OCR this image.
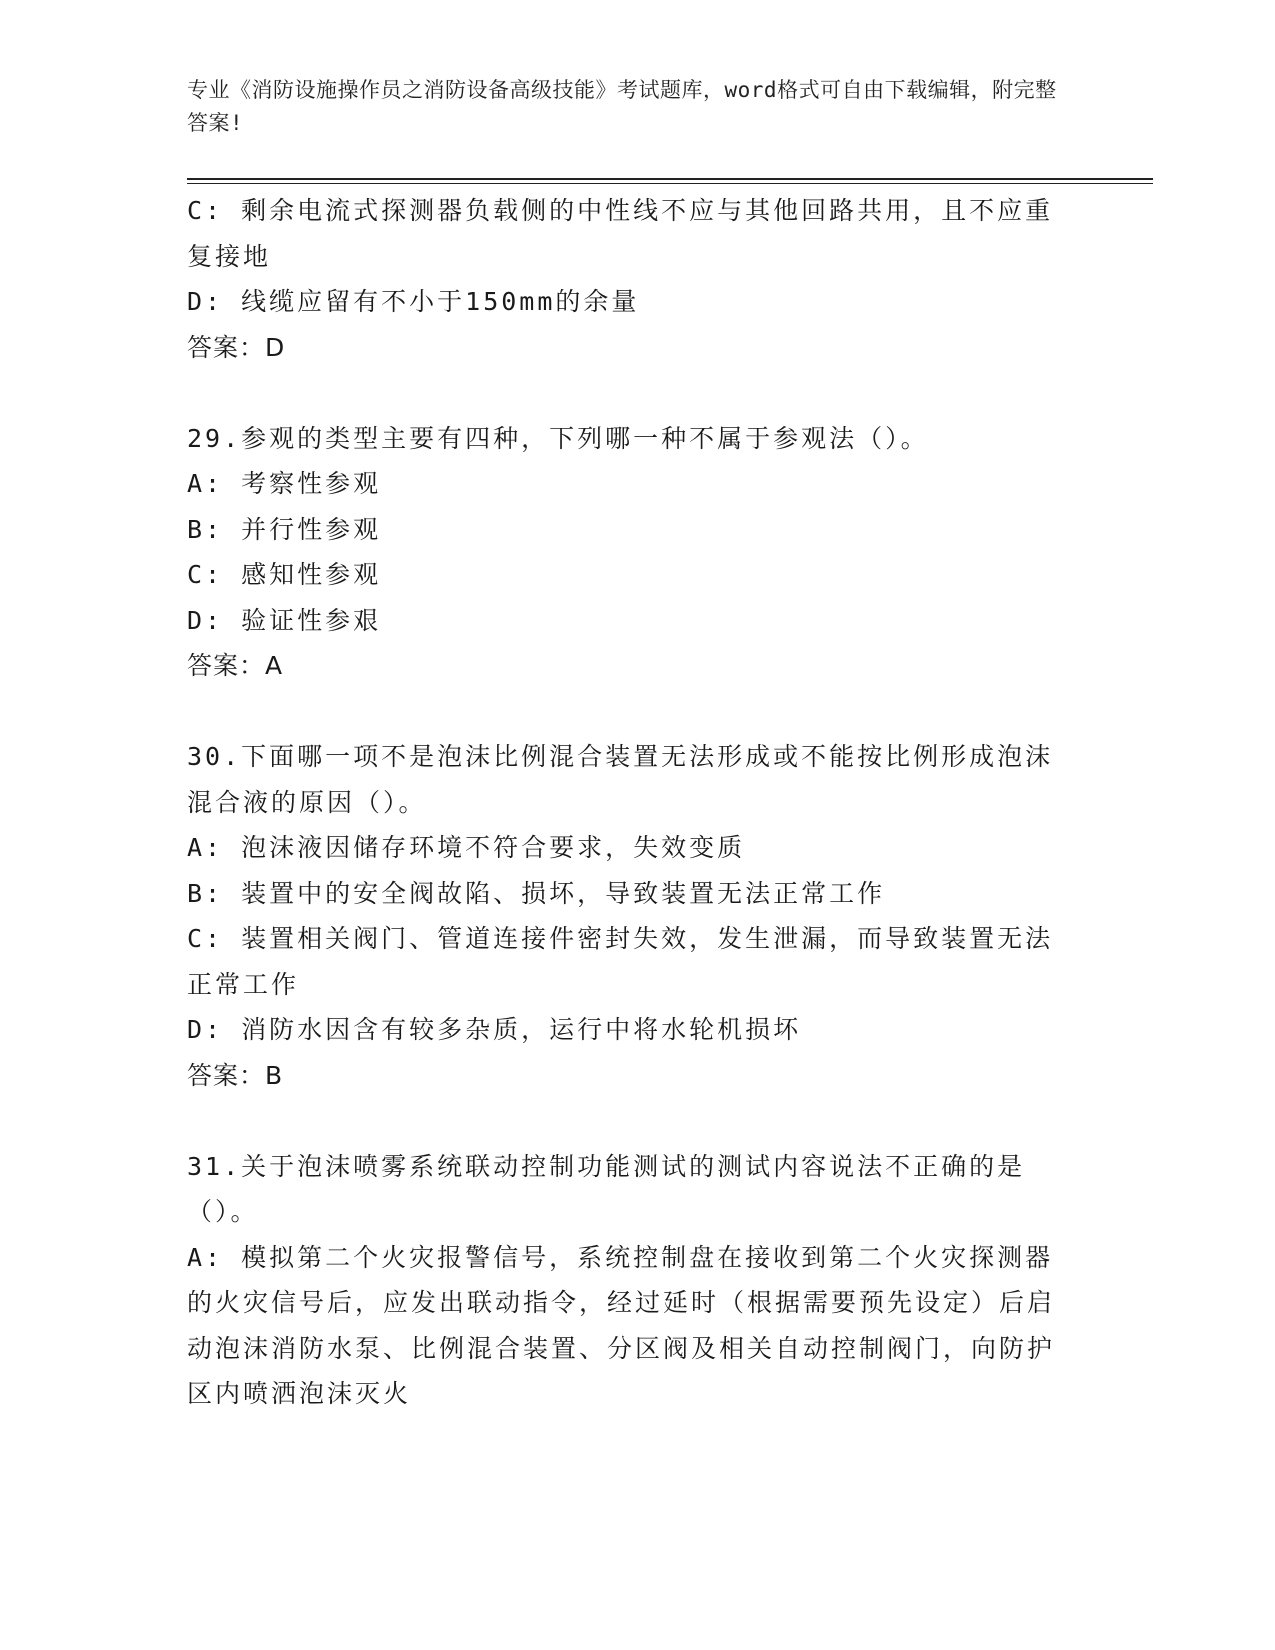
专业《消防设施操作员之消防设备高级技能》考试题库，word格式可自由下载编辑，附完整答案!

C: 剩余电流式探测器负载侧的中性线不应与其他回路共用，且不应重复接地

D: 线缆应留有不小于150mm的余量

答案：D

29.参观的类型主要有四种，下列哪一种不属于参观法（）。

A: 考察性参观

B: 并行性参观

C: 感知性参观

D: 验证性参艰

答案：A

30.下面哪一项不是泡沫比例混合装置无法形成或不能按比例形成泡沫混合液的原因（）。

A: 泡沫液因储存环境不符合要求，失效变质

B: 装置中的安全阀故陷、损坏，导致装置无法正常工作

C: 装置相关阀门、管道连接件密封失效，发生泄漏，而导致装置无法正常工作

D: 消防水因含有较多杂质，运行中将水轮机损坏

答案：B

31.关于泡沫喷雾系统联动控制功能测试的测试内容说法不正确的是（）。

A: 模拟第二个火灾报警信号，系统控制盘在接收到第二个火灾探测器的火灾信号后，应发出联动指令，经过延时（根据需要预先设定）后启动泡沫消防水泵、比例混合装置、分区阀及相关自动控制阀门，向防护区内喷洒泡沫灭火
